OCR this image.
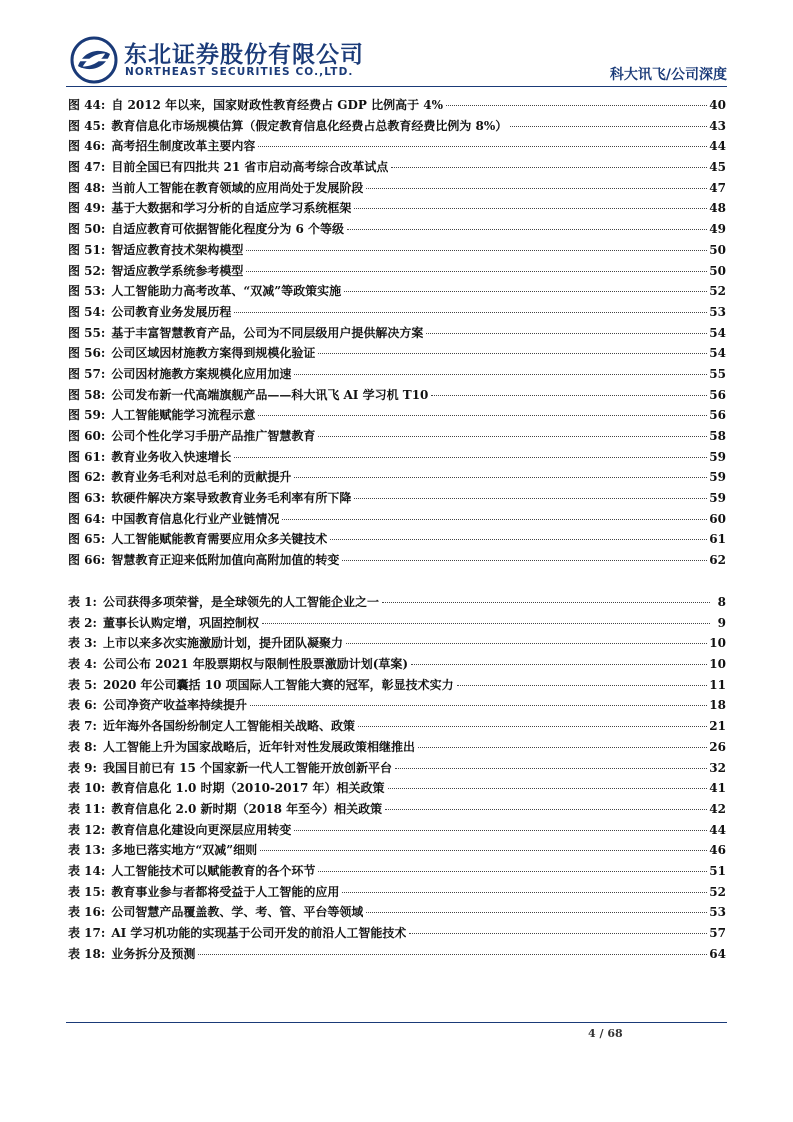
东北证券股份有限公司
NORTHEAST SECURITIES CO.,LTD.	科大讯飞/公司深度
图 44: 自 2012 年以来，国家财政性教育经费占 GDP 比例高于 4%	40
图 45: 教育信息化市场规模估算（假定教育信息化经费占总教育经费比例为 8%）	43
图 46: 高考招生制度改革主要内容	44
图 47: 目前全国已有四批共 21 省市启动高考综合改革试点	45
图 48: 当前人工智能在教育领域的应用尚处于发展阶段	47
图 49: 基于大数据和学习分析的自适应学习系统框架	48
图 50: 自适应教育可依据智能化程度分为 6 个等级	49
图 51: 智适应教育技术架构模型	50
图 52: 智适应教学系统参考模型	50
图 53: 人工智能助力高考改革、“双减”等政策实施	52
图 54: 公司教育业务发展历程	53
图 55: 基于丰富智慧教育产品，公司为不同层级用户提供解决方案	54
图 56: 公司区域因材施教方案得到规模化验证	54
图 57: 公司因材施教方案规模化应用加速	55
图 58: 公司发布新一代高端旗舰产品——科大讯飞 AI 学习机 T10	56
图 59: 人工智能赋能学习流程示意	56
图 60: 公司个性化学习手册产品推广智慧教育	58
图 61: 教育业务收入快速增长	59
图 62: 教育业务毛利对总毛利的贡献提升	59
图 63: 软硬件解决方案导致教育业务毛利率有所下降	59
图 64: 中国教育信息化行业产业链情况	60
图 65: 人工智能赋能教育需要应用众多关键技术	61
图 66: 智慧教育正迎来低附加值向高附加值的转变	62
表 1: 公司获得多项荣誉，是全球领先的人工智能企业之一	8
表 2: 董事长认购定增，巩固控制权	9
表 3: 上市以来多次实施激励计划，提升团队凝聚力	10
表 4: 公司公布 2021 年股票期权与限制性股票激励计划(草案)	10
表 5: 2020 年公司囊括 10 项国际人工智能大赛的冠军，彰显技术实力	11
表 6: 公司净资产收益率持续提升	18
表 7: 近年海外各国纷纷制定人工智能相关战略、政策	21
表 8: 人工智能上升为国家战略后，近年针对性发展政策相继推出	26
表 9: 我国目前已有 15 个国家新一代人工智能开放创新平台	32
表 10: 教育信息化 1.0 时期（2010-2017 年）相关政策	41
表 11: 教育信息化 2.0 新时期（2018 年至今）相关政策	42
表 12: 教育信息化建设向更深层应用转变	44
表 13: 多地已落实地方“双减”细则	46
表 14: 人工智能技术可以赋能教育的各个环节	51
表 15: 教育事业参与者都将受益于人工智能的应用	52
表 16: 公司智慧产品覆盖教、学、考、管、平台等领域	53
表 17: AI 学习机功能的实现基于公司开发的前沿人工智能技术	57
表 18: 业务拆分及预测	64
4 / 68
